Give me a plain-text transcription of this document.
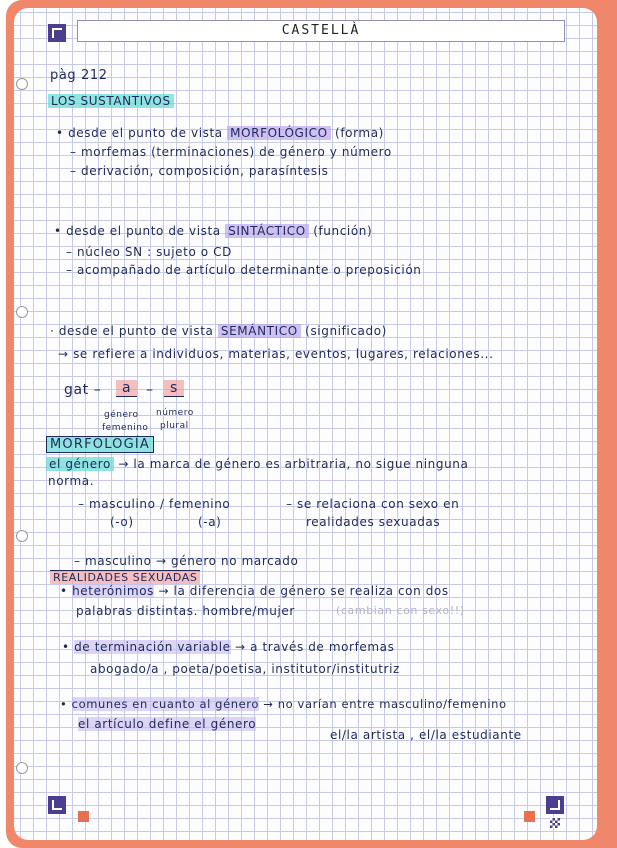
CASTELLÀ
pàg 212
LOS SUSTANTIVOS
• desde el punto de vista MORFOLÓGICO (forma)
– morfemas (terminaciones) de género y número
– derivación, composición, parasíntesis
• desde el punto de vista SINTÁCTICO (función)
– núcleo SN : sujeto o CD
– acompañado de artículo determinante o preposición
· desde el punto de vista SEMÁNTICO (significado)
→ se refiere a individuos, materias, eventos, lugares, relaciones...
gat –	a	–	s
género
femenino
número
plural
MORFOLOGÍA
el género → la marca de género es arbitraria, no sigue ninguna
norma.
– masculino / femenino
(-o)	(-a)
– se relaciona con sexo en
realidades sexuadas
– masculino → género no marcado
REALIDADES SEXUADAS
• heterónimos → la diferencia de género se realiza con dos
palabras distintas. hombre/mujer	(cambian con sexo!!)
• de terminación variable → a través de morfemas
abogado/a , poeta/poetisa, institutor/institutriz
• comunes en cuanto al género → no varían entre masculino/femenino
el artículo define el género
el/la artista , el/la estudiante
